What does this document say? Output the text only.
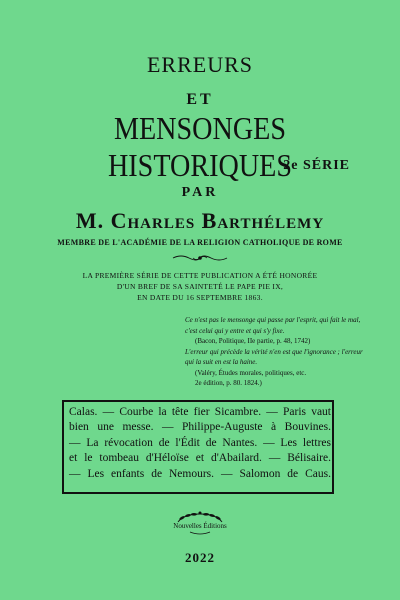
ERREURS
ET
MENSONGES HISTORIQUES
2e SÉRIE
PAR
M. Charles Barthélemy
MEMBRE DE L'ACADÉMIE DE LA RELIGION CATHOLIQUE DE ROME
LA PREMIÈRE SÉRIE DE CETTE PUBLICATION A ÉTÉ HONORÉE
D'UN BREF DE SA SAINTETÉ LE PAPE PIE IX,
EN DATE DU 16 SEPTEMBRE 1863.
Ce n'est pas le mensonge qui passe par l'esprit, qui fait le mal,
c'est celui qui y entre et qui s'y fixe.
(Bacon, Politique, IIe partie, p. 48, 1742)
L'erreur qui précède la vérité n'en est que l'ignorance ; l'erreur
qui la suit en est la haine.
(Valéry, Études morales, politiques, etc.
2e édition, p. 80. 1824.)
Calas. — Courbe la tête fier Sicambre. — Paris vaut
bien une messe. — Philippe-Auguste à Bouvines.
— La révocation de l'Édit de Nantes. — Les lettres
et le tombeau d'Héloïse et d'Abailard. — Bélisaire.
— Les enfants de Nemours. — Salomon de Caus.
Nouvelles Éditions
2022
